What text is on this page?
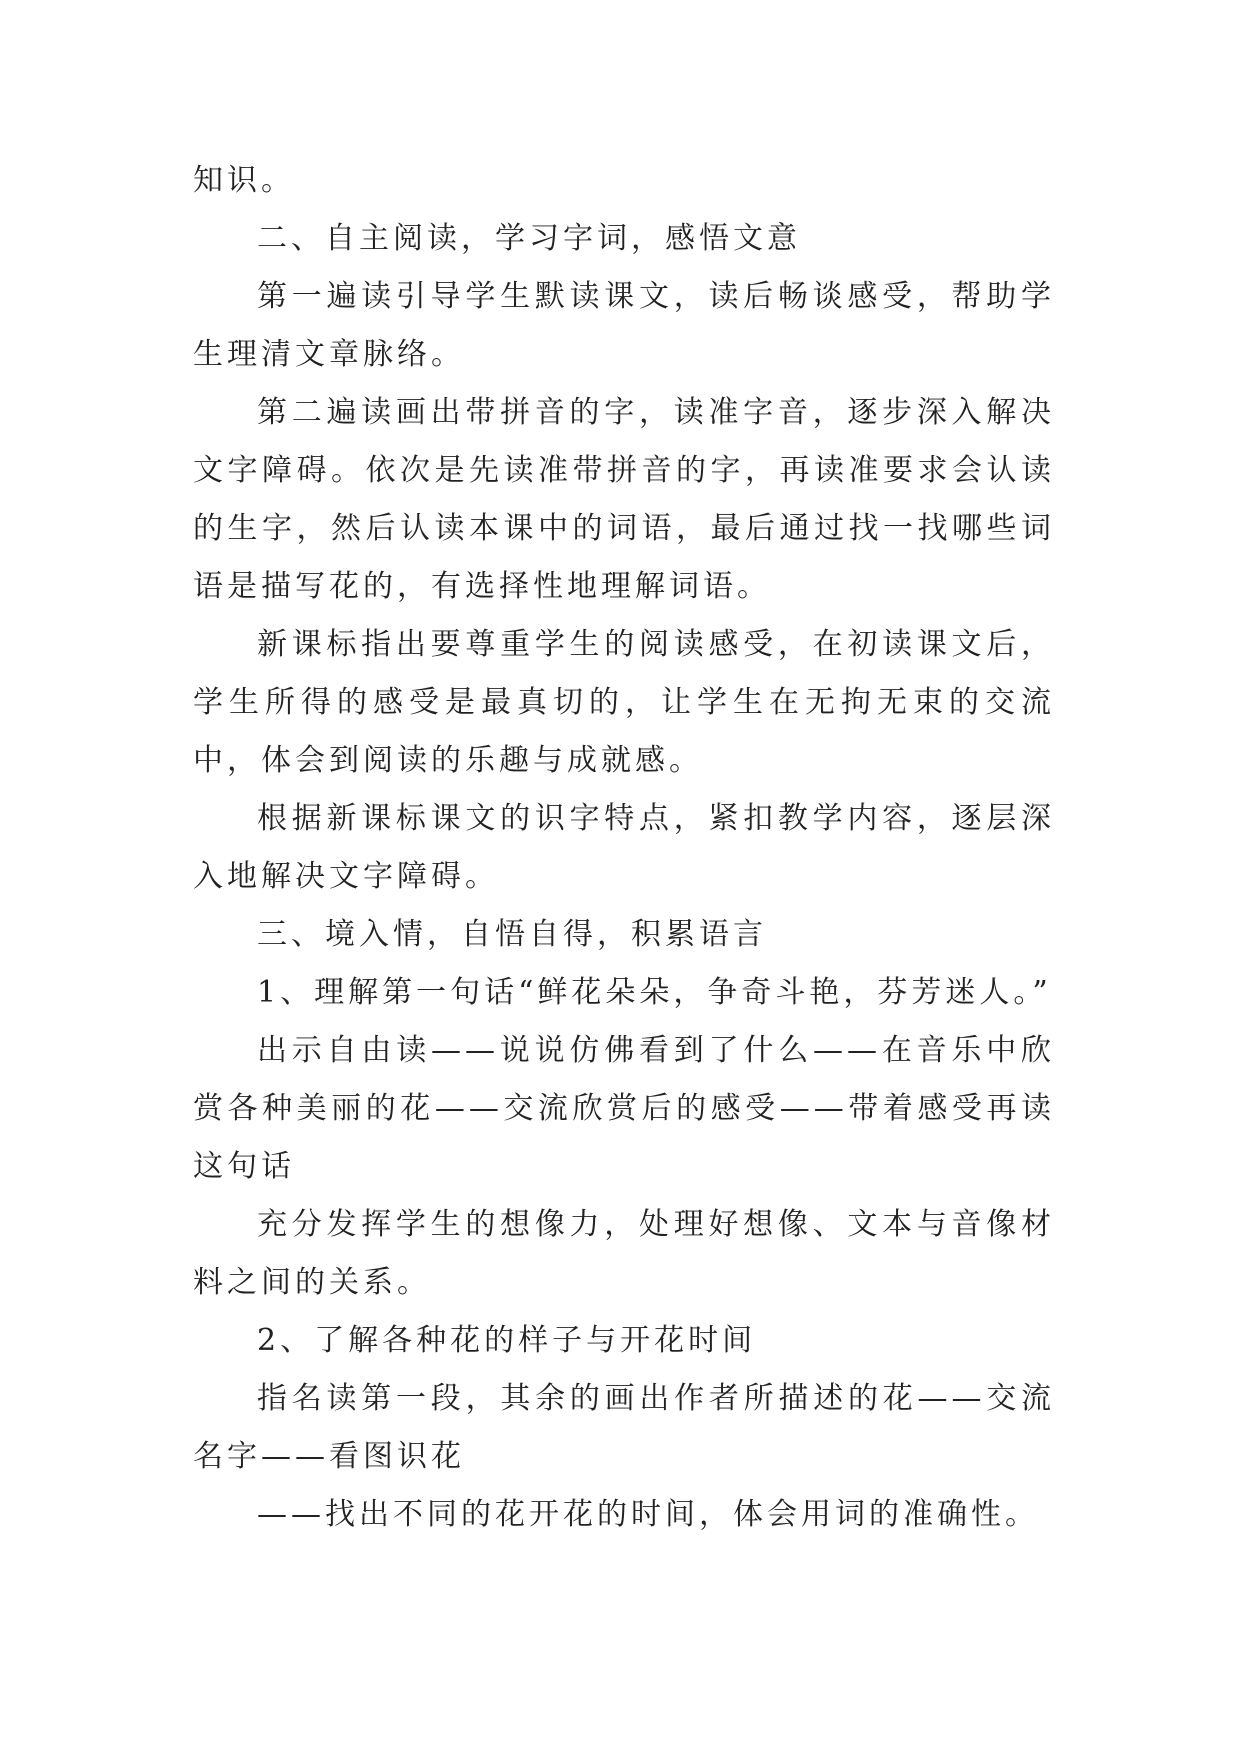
知识。

二、自主阅读，学习字词，感悟文意

第一遍读引导学生默读课文，读后畅谈感受，帮助学生理清文章脉络。

第二遍读画出带拼音的字，读准字音，逐步深入解决文字障碍。依次是先读准带拼音的字，再读准要求会认读的生字，然后认读本课中的词语，最后通过找一找哪些词语是描写花的，有选择性地理解词语。

新课标指出要尊重学生的阅读感受，在初读课文后，学生所得的感受是最真切的，让学生在无拘无束的交流中，体会到阅读的乐趣与成就感。

根据新课标课文的识字特点，紧扣教学内容，逐层深入地解决文字障碍。

三、境入情，自悟自得，积累语言

1、理解第一句话“鲜花朵朵，争奇斗艳，芬芳迷人。”

出示自由读——说说仿佛看到了什么——在音乐中欣赏各种美丽的花——交流欣赏后的感受——带着感受再读这句话

充分发挥学生的想像力，处理好想像、文本与音像材料之间的关系。

2、了解各种花的样子与开花时间

指名读第一段，其余的画出作者所描述的花——交流名字——看图识花

——找出不同的花开花的时间，体会用词的准确性。
